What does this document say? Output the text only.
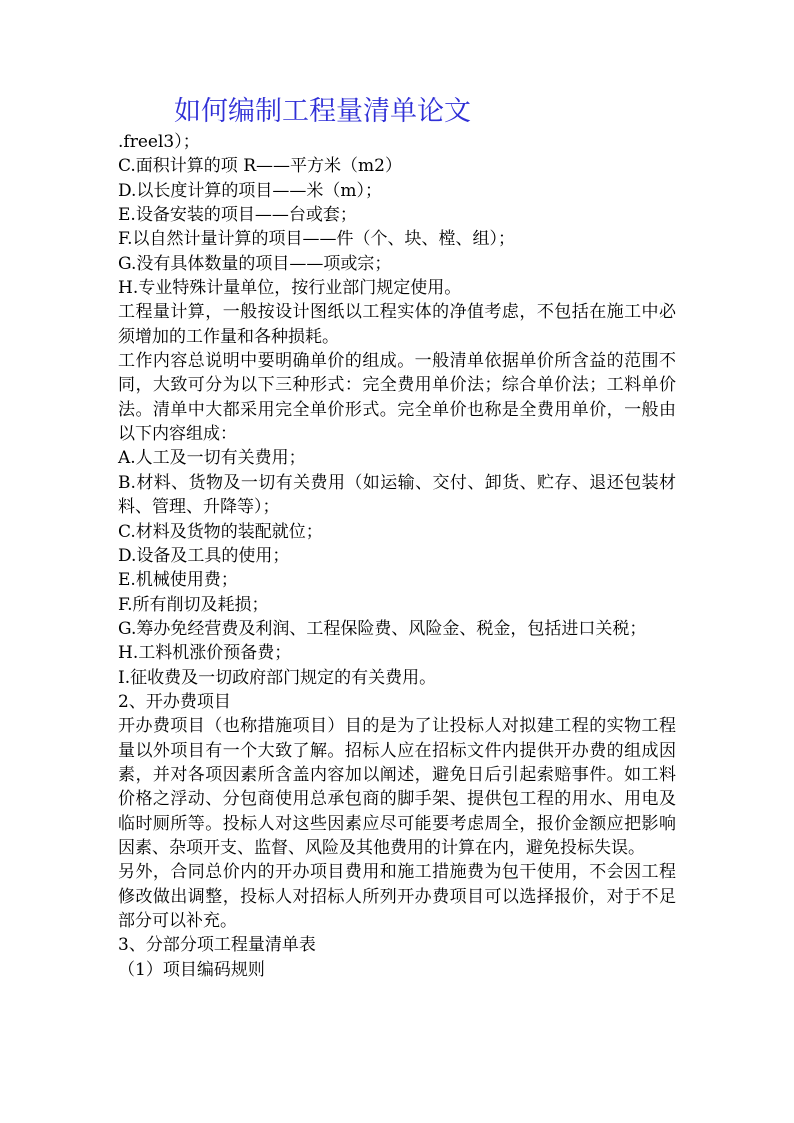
如何编制工程量清单论文

.freel3）；

C.面积计算的项 R——平方米（m2）

D.以长度计算的项目——米（m）；

E.设备安装的项目——台或套；

F.以自然计量计算的项目——件（个、块、樘、组）；

G.没有具体数量的项目——项或宗；

H.专业特殊计量单位，按行业部门规定使用。

工程量计算，一般按设计图纸以工程实体的净值考虑，不包括在施工中必须增加的工作量和各种损耗。

工作内容总说明中要明确单价的组成。一般清单依据单价所含益的范围不同，大致可分为以下三种形式：完全费用单价法；综合单价法；工料单价法。清单中大都采用完全单价形式。完全单价也称是全费用单价，一般由以下内容组成：

A.人工及一切有关费用；

B.材料、货物及一切有关费用（如运输、交付、卸货、贮存、退还包装材料、管理、升降等）；

C.材料及货物的装配就位；

D.设备及工具的使用；

E.机械使用费；

F.所有削切及耗损；

G.筹办免经营费及利润、工程保险费、风险金、税金，包括进口关税；

H.工料机涨价预备费；

I.征收费及一切政府部门规定的有关费用。

2、开办费项目

开办费项目（也称措施项目）目的是为了让投标人对拟建工程的实物工程量以外项目有一个大致了解。招标人应在招标文件内提供开办费的组成因素，并对各项因素所含盖内容加以阐述，避免日后引起索赔事件。如工料价格之浮动、分包商使用总承包商的脚手架、提供包工程的用水、用电及临时厕所等。投标人对这些因素应尽可能要考虑周全，报价金额应把影响因素、杂项开支、监督、风险及其他费用的计算在内，避免投标失误。

另外，合同总价内的开办项目费用和施工措施费为包干使用，不会因工程修改做出调整，投标人对招标人所列开办费项目可以选择报价，对于不足部分可以补充。

3、分部分项工程量清单表

（1）项目编码规则
